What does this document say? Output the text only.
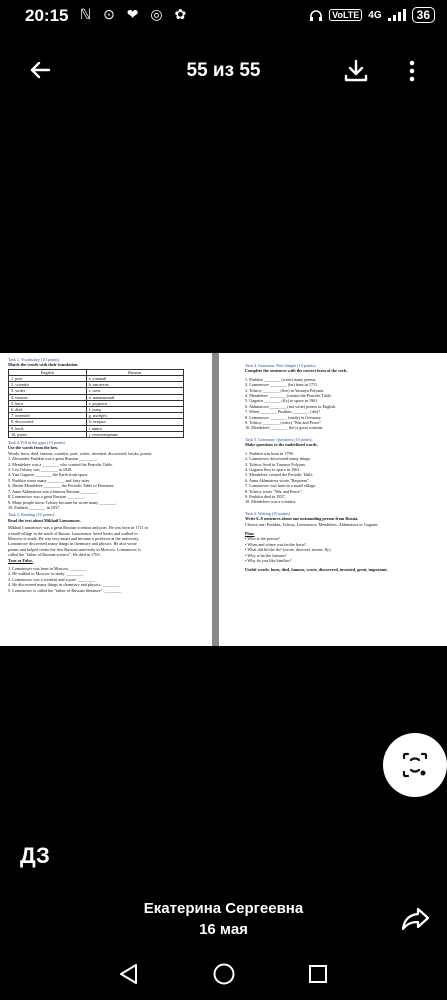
20:15 ℕ ⊙ ❤ ◎ ✿	VoLTE 4G	36
55 из 55
Task 1. Vocabulary (10 points)
Match the words with their translation.
English	Russian
1. poet	a. ученый
2. scientist	b. писатель
3. writer	c. поэт
4. famous	d. знаменитый
5. born	e. родился
6. died	f. умер
7. invented	g. изобрёл
8. discovered	h. открыл
9. book	i. книга
10. poem	j. стихотворение
Task 2. Fill in the gaps (10 points)
Use the words from the box.
Words: born, died, famous, scientist, poet, writer, invented, discovered, books, poems
1. Alexander Pushkin was a great Russian ________.
2. Mendeleev was a ________ who created the Periodic Table.
3. Leo Tolstoy was ________ in 1828.
4. Yuri Gagarin ________ the Earth from space.
5. Pushkin wrote many ________ and fairy tales.
6. Dmitri Mendeleev ________ the Periodic Table of Elements.
7. Anna Akhmatova was a famous Russian ________.
8. Lomonosov was a great Russian ________.
9. Many people know Tolstoy because he wrote many ________.
10. Pushkin ________ in 1837.
Task 3. Reading (10 points)
Read the text about Mikhail Lomonosov.
Mikhail Lomonosov was a great Russian scientist and poet. He was born in 1711 in
a small village in the north of Russia. Lomonosov loved books and walked to
Moscow to study. He was very smart and became a professor at the university.
Lomonosov discovered many things in chemistry and physics. He also wrote
poems and helped create the first Russian university in Moscow. Lomonosov is
called the "father of Russian science". He died in 1765.
True or False.
1. Lomonosov was born in Moscow. ________
2. He walked to Moscow to study. ________
3. Lomonosov was a scientist and a poet. ________
4. He discovered many things in chemistry and physics. ________
5. Lomonosov is called the "father of Russian literature". ________
Task 4. Grammar: Past Simple (10 points)
Complete the sentences with the correct form of the verb.
1. Pushkin ________ (write) many poems.
2. Lomonosov ________ (be) born in 1711.
3. Tolstoy ________ (live) in Yasnaya Polyana.
4. Mendeleev ________ (create) the Periodic Table.
5. Gagarin ________ (fly) to space in 1961.
6. Akhmatova ________ (not write) poems in English.
7. When ________ Pushkin ________ (die)?
8. Lomonosov ________ (study) in Germany.
9. Tolstoy ________ (write) "War and Peace".
10. Mendeleev ________ (be) a great scientist.
Task 5. Grammar: Questions (10 points)
Make questions to the underlined words.
1. Pushkin was born in 1799.
2. Lomonosov discovered many things.
3. Tolstoy lived in Yasnaya Polyana.
4. Gagarin flew to space in 1961.
5. Mendeleev created the Periodic Table.
6. Anna Akhmatova wrote "Requiem".
7. Lomonosov was born in a small village.
8. Tolstoy wrote "War and Peace".
9. Pushkin died in 1837.
10. Mendeleev was a scientist.
Task 6. Writing (10 points)
Write 6–8 sentences about one outstanding person from Russia.
Choose one: Pushkin, Tolstoy, Lomonosov, Mendeleev, Akhmatova or Gagarin.
Plan:
• Who is the person?
• When and where was he/she born?
• What did he/she do? (wrote, discover, invent, fly)
• Why is he/she famous?
• Why do you like him/her?
Useful words: born, died, famous, wrote, discovered, invented, great, important.
ДЗ
Екатерина Сергеевна
16 мая
